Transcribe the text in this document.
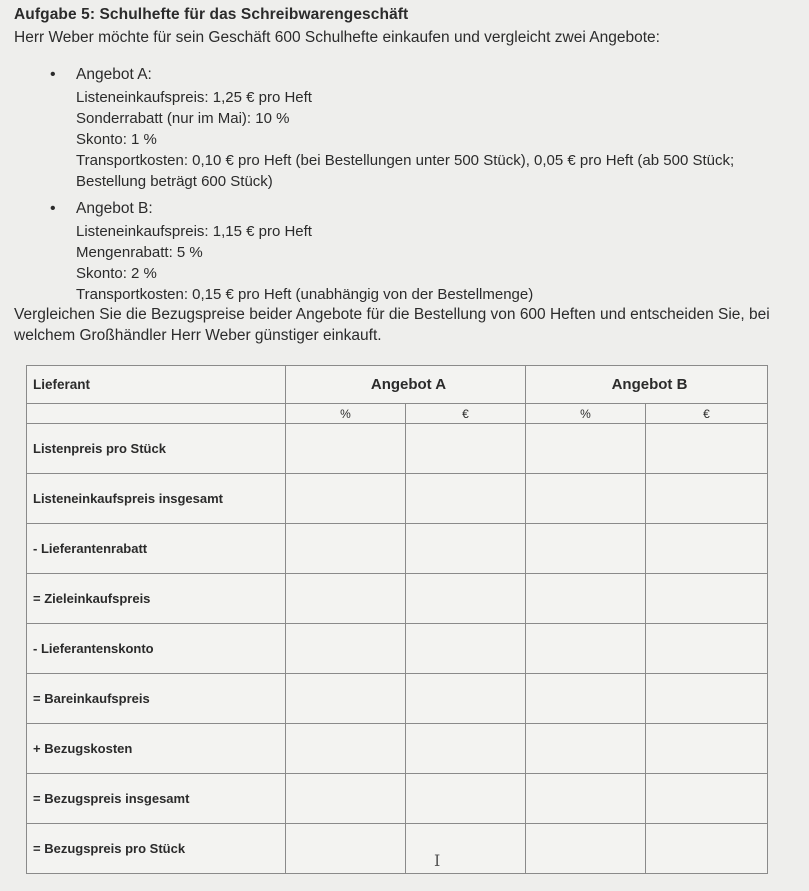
Aufgabe 5: Schulhefte für das Schreibwarengeschäft
Herr Weber möchte für sein Geschäft 600 Schulhefte einkaufen und vergleicht zwei Angebote:
• Angebot A:
Listeneinkaufspreis: 1,25 € pro Heft
Sonderrabatt (nur im Mai): 10 %
Skonto: 1 %
Transportkosten: 0,10 € pro Heft (bei Bestellungen unter 500 Stück), 0,05 € pro Heft (ab 500 Stück; Bestellung beträgt 600 Stück)
• Angebot B:
Listeneinkaufspreis: 1,15 € pro Heft
Mengenrabatt: 5 %
Skonto: 2 %
Transportkosten: 0,15 € pro Heft (unabhängig von der Bestellmenge)
Vergleichen Sie die Bezugspreise beider Angebote für die Bestellung von 600 Heften und entscheiden Sie, bei welchem Großhändler Herr Weber günstiger einkauft.
Lieferant	Angebot A		Angebot B	
	%	€	%	€
Listenpreis pro Stück				
Listeneinkaufspreis insgesamt				
- Lieferantenrabatt				
= Zieleinkaufspreis				
- Lieferantenskonto				
= Bareinkaufspreis				
+ Bezugskosten				
= Bezugspreis insgesamt				
= Bezugspreis pro Stück				
I
